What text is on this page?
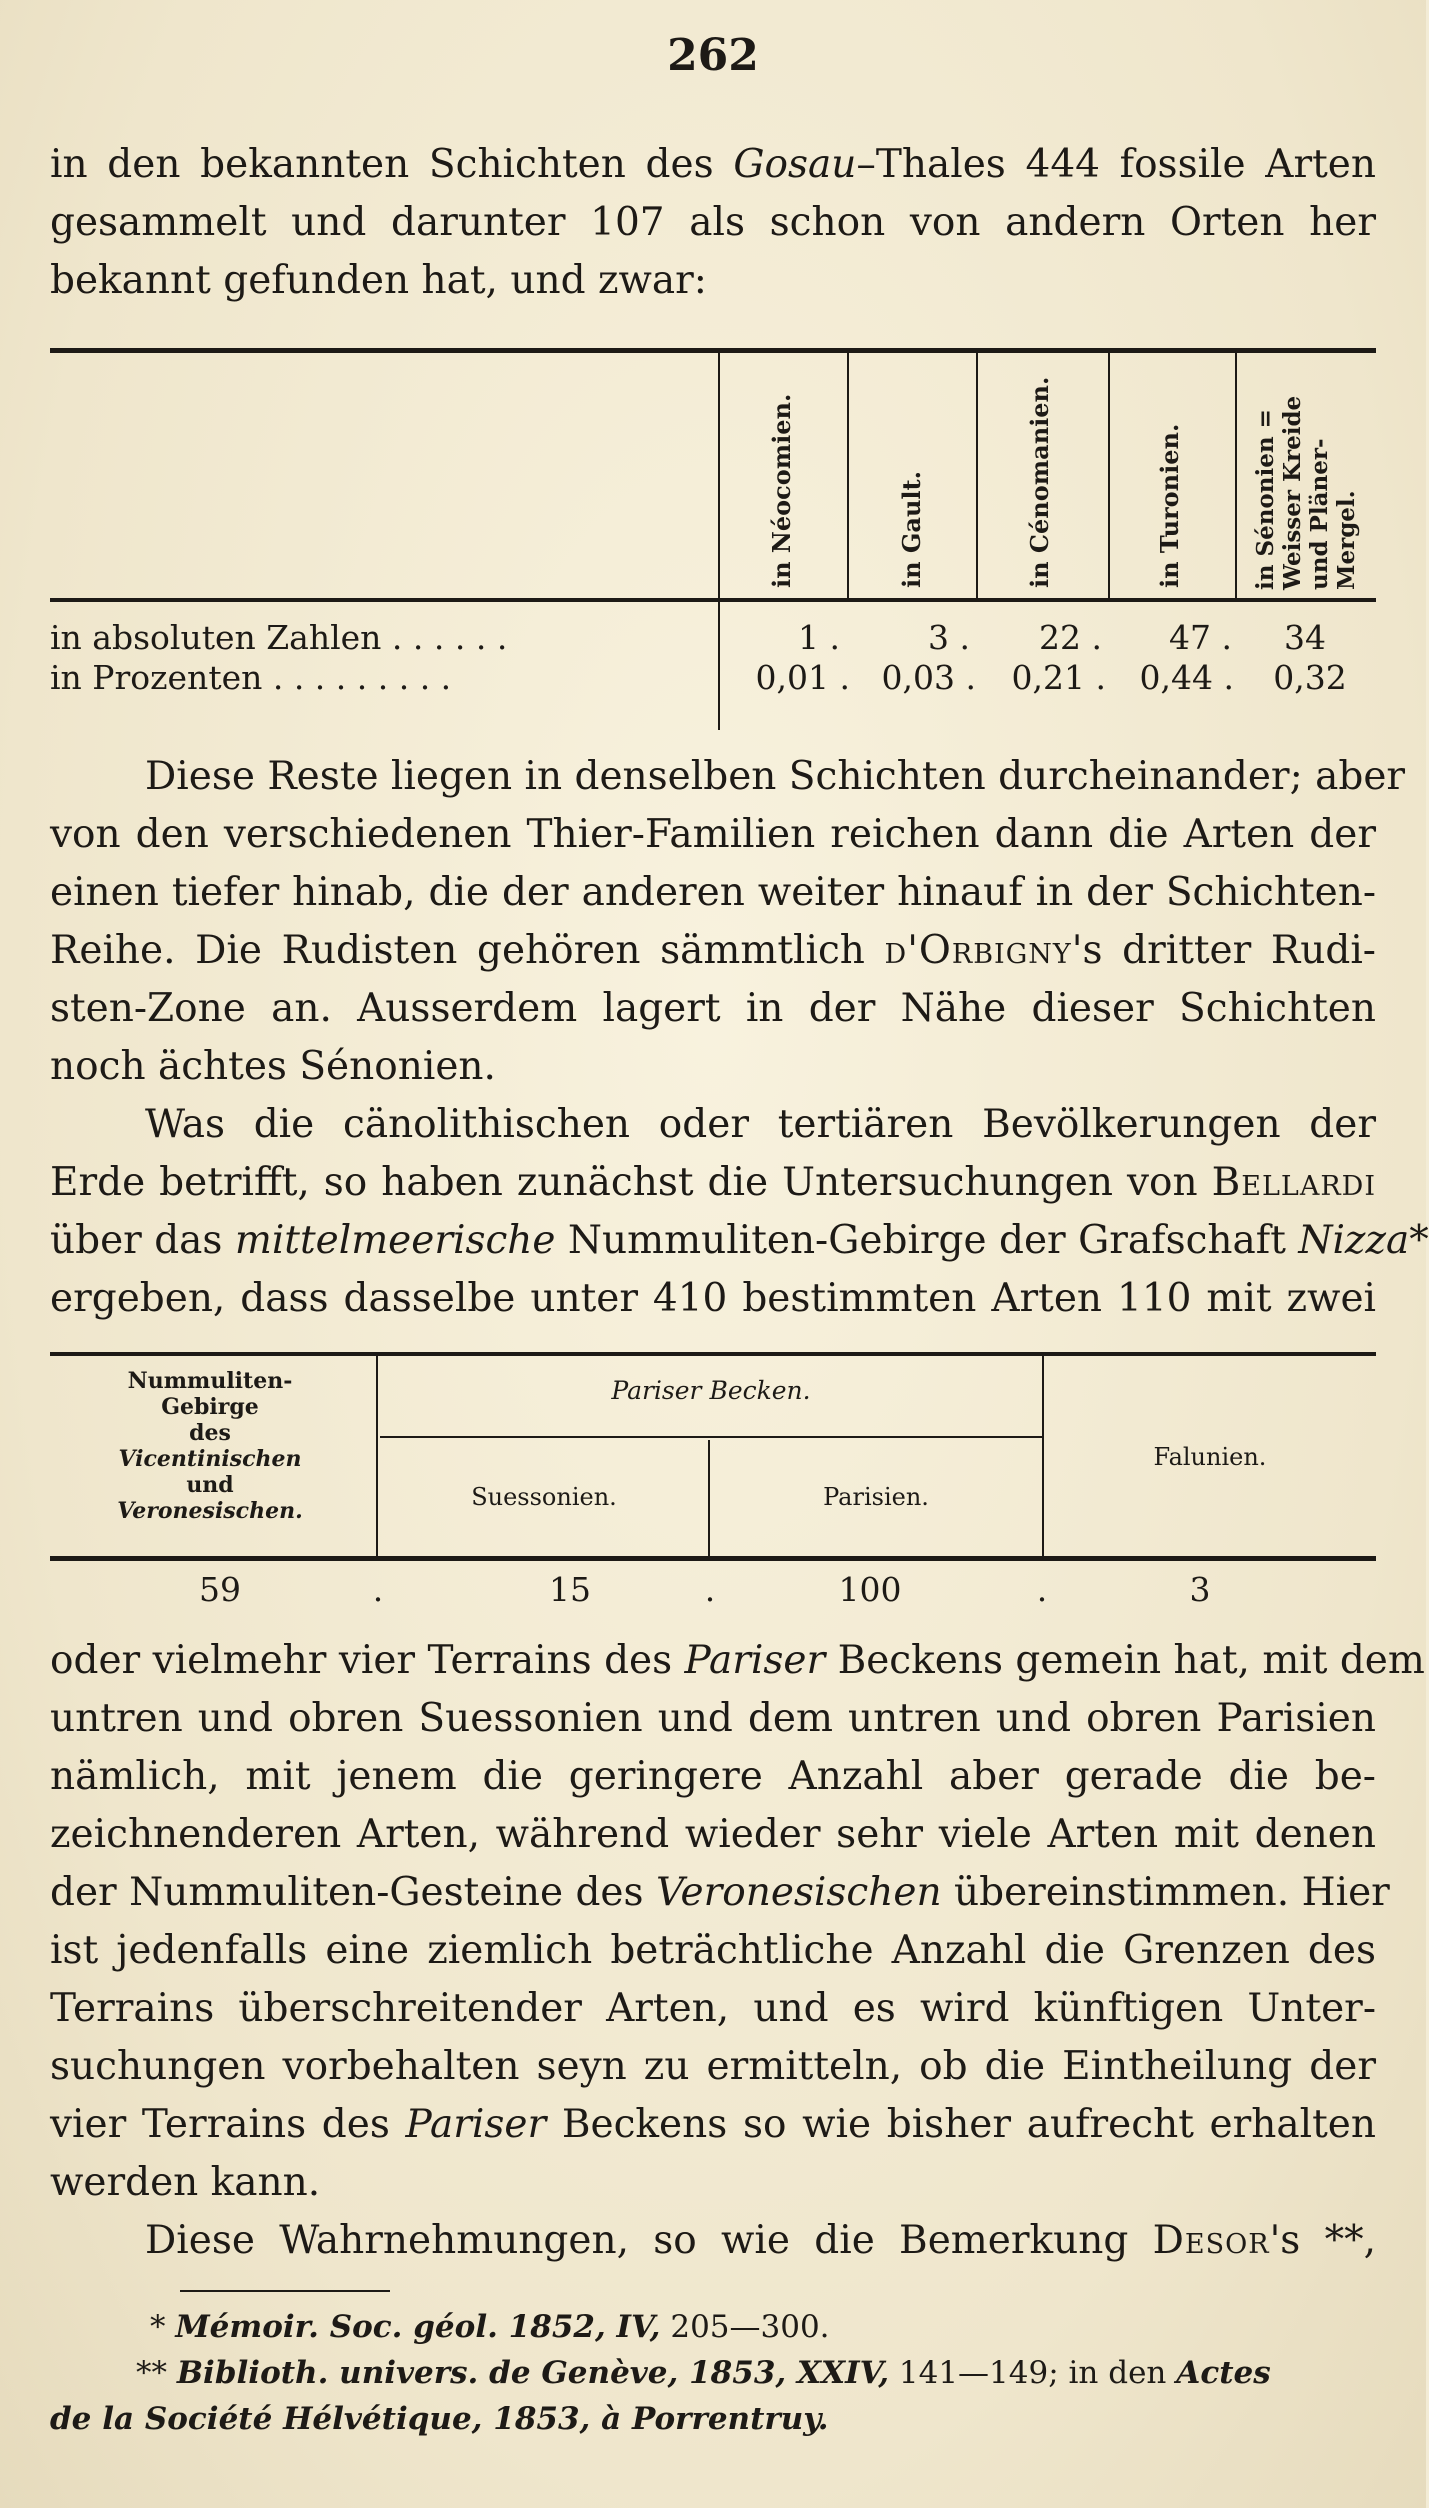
262
in den bekannten Schichten des Gosau–Thales 444 fossile Arten
gesammelt und darunter 107 als schon von andern Orten her
bekannt gefunden hat, und zwar:
in Néocomien.	in Gault.	in Cénomanien.	in Turonien.	in Sénonien = Weisser Kreide und Pläner-Mergel.
in absoluten Zahlen . . . . . .	1 .	3 .	22 .	47 .	34
in Prozenten . . . . . . . . .	0,01 . 0,03 .	0,21 .	0,44 .	0,32
Diese Reste liegen in denselben Schichten durcheinander; aber
von den verschiedenen Thier-Familien reichen dann die Arten der
einen tiefer hinab, die der anderen weiter hinauf in der Schichten-
Reihe. Die Rudisten gehören sämmtlich d'Orbigny's dritter Rudi-
sten-Zone an. Ausserdem lagert in der Nähe dieser Schichten
noch ächtes Sénonien.
Was die cänolithischen oder tertiären Bevölkerungen der
Erde betrifft, so haben zunächst die Untersuchungen von Bellardi
über das mittelmeerische Nummuliten-Gebirge der Grafschaft Nizza*
ergeben, dass dasselbe unter 410 bestimmten Arten 110 mit zwei
Nummuliten-
Gebirge
des
Vicentinischen
und
Veronesischen.
Pariser Becken.
Suessonien.	Parisien.
Falunien.
59	.	15	.	100	.	3
oder vielmehr vier Terrains des Pariser Beckens gemein hat, mit dem
untren und obren Suessonien und dem untren und obren Parisien
nämlich, mit jenem die geringere Anzahl aber gerade die be-
zeichnenderen Arten, während wieder sehr viele Arten mit denen
der Nummuliten-Gesteine des Veronesischen übereinstimmen. Hier
ist jedenfalls eine ziemlich beträchtliche Anzahl die Grenzen des
Terrains überschreitender Arten, und es wird künftigen Unter-
suchungen vorbehalten seyn zu ermitteln, ob die Eintheilung der
vier Terrains des Pariser Beckens so wie bisher aufrecht erhalten
werden kann.
Diese Wahrnehmungen, so wie die Bemerkung Desor's **,
* Mémoir. Soc. géol. 1852, IV, 205—300.
** Biblioth. univers. de Genève, 1853, XXIV, 141—149; in den Actes
de la Société Hélvétique, 1853, à Porrentruy.
